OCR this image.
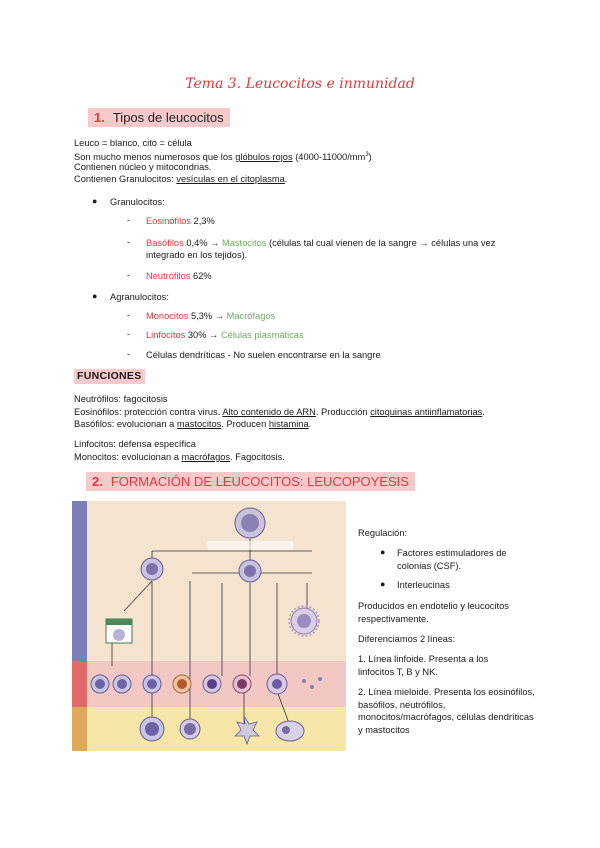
Tema 3. Leucocitos e inmunidad
1. Tipos de leucocitos
Leuco = blanco, cito = célula
Son mucho menos numerosos que los glóbulos rojos $(4000-11000/mm^3)$
Contienen núcleo y mitocondrias.
Contienen Granulocitos: vesículas en el citoplasma.
● Granulocitos:
- Eosinófilos 2,3%
- Basófilos 0,4% → Mastocitos (células tal cual vienen de la sangre → células una vez
integrado en los tejidos).
- Neutrófilos 62%
● Agranulocitos:
- Monocitos 5,3% → Macrófagos
- Linfocitos 30% → Células plasmáticas
- Células dendríticas - No suelen encontrarse en la sangre
FUNCIONES
Neutrófilos: fagocitosis
Eosinófilos: protección contra virus. Alto contenido de ARN. Producción citoquinas antiinflamatorias.
Basófilos: evolucionan a mastocitos. Producen histamina.
Linfocitos: defensa específica
Monocitos: evolucionan a macrófagos. Fagocitosis.
2. FORMACIÓN DE LEUCOCITOS: LEUCOPOYESIS
Regulación:
● Factores estimuladores de colonias (CSF).
● Interleucinas
Producidos en endotelio y leucocitos respectivamente.
Diferenciamos 2 líneas:
1. Línea linfoide. Presenta a los linfocitos T, B y NK.
2. Línea mieloide. Presenta los eosinófilos, basófilos, neutrófilos, monocitos/macrófagos, células dendríticas y mastocitos
